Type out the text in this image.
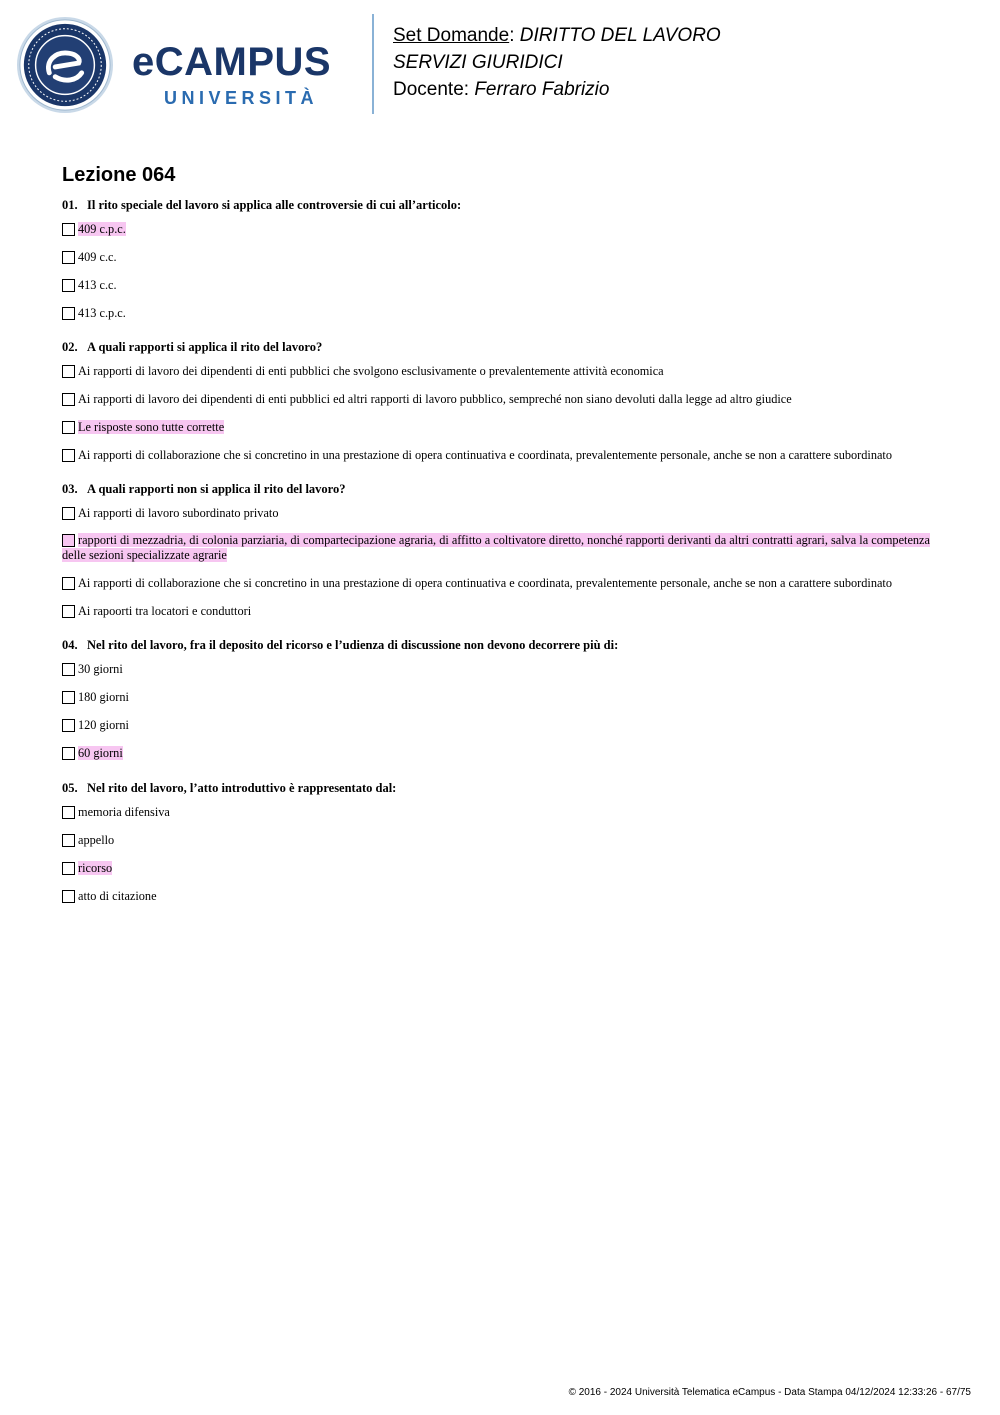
eCAMPUS
UNIVERSITÀ
Set Domande: DIRITTO DEL LAVORO
SERVIZI GIURIDICI
Docente: Ferraro Fabrizio
Lezione 064
01. Il rito speciale del lavoro si applica alle controversie di cui all’articolo:
409 c.p.c.
409 c.c.
413 c.c.
413 c.p.c.
02. A quali rapporti si applica il rito del lavoro?
Ai rapporti di lavoro dei dipendenti di enti pubblici che svolgono esclusivamente o prevalentemente attività economica
Ai rapporti di lavoro dei dipendenti di enti pubblici ed altri rapporti di lavoro pubblico, sempreché non siano devoluti dalla legge ad altro giudice
Le risposte sono tutte corrette
Ai rapporti di collaborazione che si concretino in una prestazione di opera continuativa e coordinata, prevalentemente personale, anche se non a carattere subordinato
03. A quali rapporti non si applica il rito del lavoro?
Ai rapporti di lavoro subordinato privato
rapporti di mezzadria, di colonia parziaria, di compartecipazione agraria, di affitto a coltivatore diretto, nonché rapporti derivanti da altri contratti agrari, salva la competenza delle sezioni specializzate agrarie
Ai rapporti di collaborazione che si concretino in una prestazione di opera continuativa e coordinata, prevalentemente personale, anche se non a carattere subordinato
Ai rapoorti tra locatori e conduttori
04. Nel rito del lavoro, fra il deposito del ricorso e l’udienza di discussione non devono decorrere più di:
30 giorni
180 giorni
120 giorni
60 giorni
05. Nel rito del lavoro, l’atto introduttivo è rappresentato dal:
memoria difensiva
appello
ricorso
atto di citazione
© 2016 - 2024 Università Telematica eCampus - Data Stampa 04/12/2024 12:33:26 - 67/75
